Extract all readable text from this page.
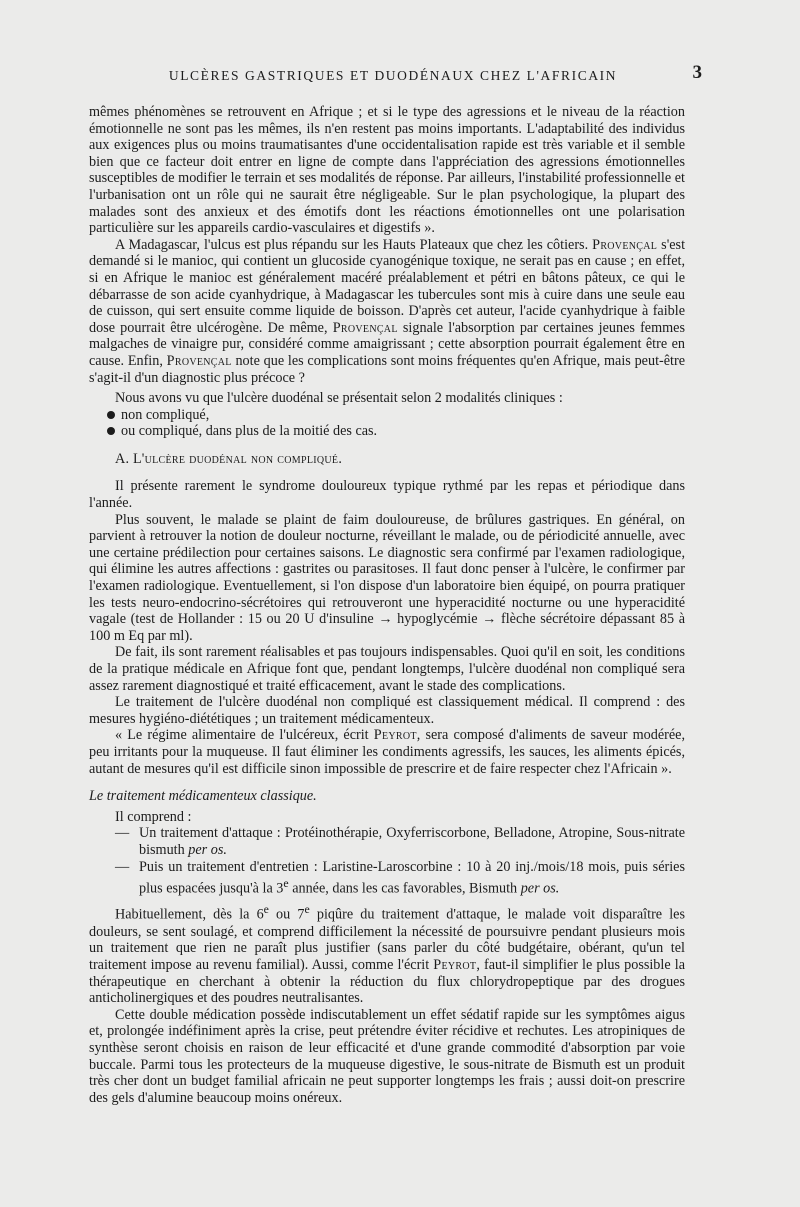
ULCÈRES GASTRIQUES ET DUODÉNAUX CHEZ L'AFRICAIN	3

mêmes phénomènes se retrouvent en Afrique ; et si le type des agressions et le niveau de la réaction émotionnelle ne sont pas les mêmes, ils n'en restent pas moins importants. L'adaptabilité des individus aux exigences plus ou moins traumatisantes d'une occidentalisation rapide est très variable et il semble bien que ce facteur doit entrer en ligne de compte dans l'appréciation des agressions émotionnelles susceptibles de modifier le terrain et ses modalités de réponse. Par ailleurs, l'instabilité professionnelle et l'urbanisation ont un rôle qui ne saurait être négligeable. Sur le plan psychologique, la plupart des malades sont des anxieux et des émotifs dont les réactions émotionnelles ont une polarisation particulière sur les appareils cardio-vasculaires et digestifs ».

A Madagascar, l'ulcus est plus répandu sur les Hauts Plateaux que chez les côtiers. Provençal s'est demandé si le manioc, qui contient un glucoside cyanogénique toxique, ne serait pas en cause ; en effet, si en Afrique le manioc est généralement macéré préalablement et pétri en bâtons pâteux, ce qui le débarrasse de son acide cyanhydrique, à Madagascar les tubercules sont mis à cuire dans une seule eau de cuisson, qui sert ensuite comme liquide de boisson. D'après cet auteur, l'acide cyanhydrique à faible dose pourrait être ulcérogène. De même, Provençal signale l'absorption par certaines jeunes femmes malgaches de vinaigre pur, considéré comme amaigrissant ; cette absorption pourrait également être en cause. Enfin, Provençal note que les complications sont moins fréquentes qu'en Afrique, mais peut-être s'agit-il d'un diagnostic plus précoce ?

Nous avons vu que l'ulcère duodénal se présentait selon 2 modalités cliniques :

non compliqué,

ou compliqué, dans plus de la moitié des cas.

A. L'ulcère duodénal non compliqué.

Il présente rarement le syndrome douloureux typique rythmé par les repas et périodique dans l'année.

Plus souvent, le malade se plaint de faim douloureuse, de brûlures gastriques. En général, on parvient à retrouver la notion de douleur nocturne, réveillant le malade, ou de périodicité annuelle, avec une certaine prédilection pour certaines saisons. Le diagnostic sera confirmé par l'examen radiologique, qui élimine les autres affections : gastrites ou parasitoses. Il faut donc penser à l'ulcère, le confirmer par l'examen radiologique. Eventuellement, si l'on dispose d'un laboratoire bien équipé, on pourra pratiquer les tests neuro-endocrino-sécrétoires qui retrouveront une hyperacidité nocturne ou une hyperacidité vagale (test de Hollander : 15 ou 20 U d'insuline → hypoglycémie → flèche sécrétoire dépassant 85 à 100 m Eq par ml).

De fait, ils sont rarement réalisables et pas toujours indispensables. Quoi qu'il en soit, les conditions de la pratique médicale en Afrique font que, pendant longtemps, l'ulcère duodénal non compliqué sera assez rarement diagnostiqué et traité efficacement, avant le stade des complications.

Le traitement de l'ulcère duodénal non compliqué est classiquement médical. Il comprend : des mesures hygiéno-diététiques ; un traitement médicamenteux.

« Le régime alimentaire de l'ulcéreux, écrit Peyrot, sera composé d'aliments de saveur modérée, peu irritants pour la muqueuse. Il faut éliminer les condiments agressifs, les sauces, les aliments épicés, autant de mesures qu'il est difficile sinon impossible de prescrire et de faire respecter chez l'Africain ».

Le traitement médicamenteux classique.

Il comprend :

— Un traitement d'attaque : Protéinothérapie, Oxyferriscorbone, Belladone, Atropine, Sous-nitrate bismuth per os.

— Puis un traitement d'entretien : Laristine-Laroscorbine : 10 à 20 inj./mois/18 mois, puis séries plus espacées jusqu'à la 3e année, dans les cas favorables, Bismuth per os.

Habituellement, dès la 6e ou 7e piqûre du traitement d'attaque, le malade voit disparaître les douleurs, se sent soulagé, et comprend difficilement la nécessité de poursuivre pendant plusieurs mois un traitement que rien ne paraît plus justifier (sans parler du côté budgétaire, obérant, qu'un tel traitement impose au revenu familial). Aussi, comme l'écrit Peyrot, faut-il simplifier le plus possible la thérapeutique en cherchant à obtenir la réduction du flux chlorydropeptique par des drogues anticholinergiques et des poudres neutralisantes.

Cette double médication possède indiscutablement un effet sédatif rapide sur les symptômes aigus et, prolongée indéfiniment après la crise, peut prétendre éviter récidive et rechutes. Les atropiniques de synthèse seront choisis en raison de leur efficacité et d'une grande commodité d'absorption par voie buccale. Parmi tous les protecteurs de la muqueuse digestive, le sous-nitrate de Bismuth est un produit très cher dont un budget familial africain ne peut supporter longtemps les frais ; aussi doit-on prescrire des gels d'alumine beaucoup moins onéreux.
